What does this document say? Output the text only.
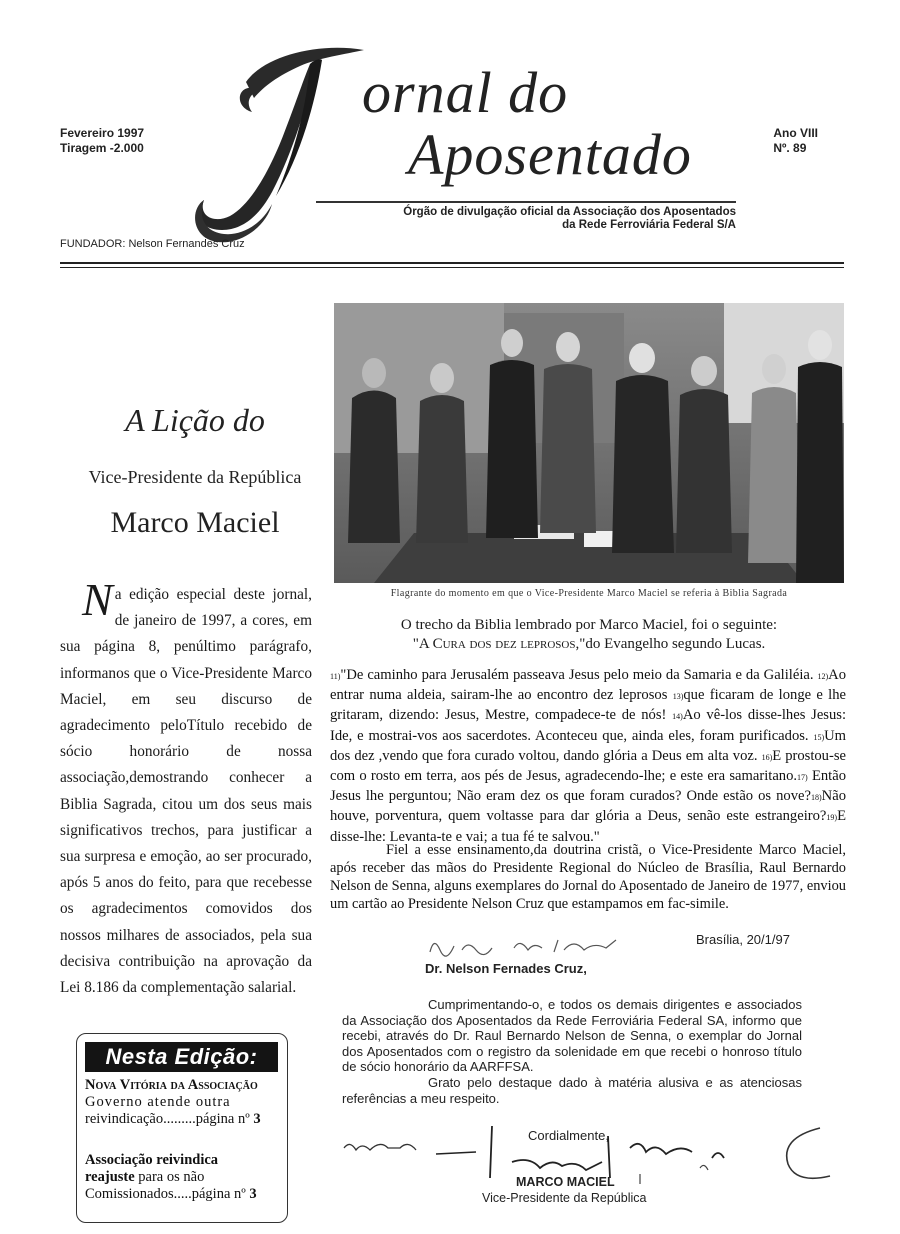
ornal do
Aposentado
Fevereiro 1997
Tiragem -2.000
Ano VIII
Nº. 89
Órgão de divulgação oficial da Associação dos Aposentados
da Rede Ferroviária Federal S/A
FUNDADOR: Nelson Fernandes Cruz
A Lição do
Vice-Presidente da República
Marco Maciel
Na edição especial deste jornal, de janeiro de 1997, a cores, em sua página 8, penúltimo parágrafo, informanos que o Vice-Presidente Marco Maciel, em seu discurso de agradecimento peloTítulo recebido de sócio honorário de nossa associação,demostrando conhecer a Biblia Sagrada, citou um dos seus mais significativos trechos, para justificar a sua surpresa e emoção, ao ser procurado, após 5 anos do feito, para que recebesse os agradecimentos comovidos dos nossos milhares de associados, pela sua decisiva contribuição na aprovação da Lei 8.186 da complementação salarial.
Flagrante do momento em que o Vice-Presidente Marco Maciel se referia à Biblia Sagrada
O trecho da Biblia lembrado por Marco Maciel, foi o seguinte:
"A Cura dos dez leprosos,"do Evangelho segundo Lucas.
11)"De caminho para Jerusalém passeava Jesus pelo meio da Samaria e da Galiléia. 12)Ao entrar numa aldeia, sairam-lhe ao encontro dez leprosos 13)que ficaram de longe e lhe gritaram, dizendo: Jesus, Mestre, compadece-te de nós! 14)Ao vê-los disse-lhes Jesus: Ide, e mostrai-vos aos sacerdotes. Aconteceu que, ainda eles, foram purificados. 15)Um dos dez ,vendo que fora curado voltou, dando glória a Deus em alta voz. 16)E prostou-se com o rosto em terra, aos pés de Jesus, agradecendo-lhe; e este era samaritano.17) Então Jesus lhe perguntou; Não eram dez os que foram curados? Onde estão os nove?18)Não houve, porventura, quem voltasse para dar glória a Deus, senão este estrangeiro?19)E disse-lhe: Levanta-te e vai; a tua fé te salvou."
Fiel a esse ensinamento,da doutrina cristã, o Vice-Presidente Marco Maciel, após receber das mãos do Presidente Regional do Núcleo de Brasília, Raul Bernardo Nelson de Senna, alguns exemplares do Jornal do Aposentado de Janeiro de 1977, enviou um cartão ao Presidente Nelson Cruz que estampamos em fac-simile.
Brasília, 20/1/97
Dr. Nelson Fernades Cruz,

Cumprimentando-o, e todos os demais dirigentes e associados da Associação dos Aposentados da Rede Ferroviária Federal SA, informo que recebi, através do Dr. Raul Bernardo Nelson de Senna, o exemplar do Jornal dos Aposentados com o registro da solenidade em que recebi o honroso título de sócio honorário da AARFFSA.

Grato pelo destaque dado à matéria alusiva e as atenciosas referências a meu respeito.

Cordialmente,
MARCO MACIEL
Vice-Presidente da República
Nesta Edição:
Nova Vitória da Associação
Governo atende outra
reivindicação.........página nº 3
Associação reivindica
reajuste para os não
Comissionados.....página nº 3
